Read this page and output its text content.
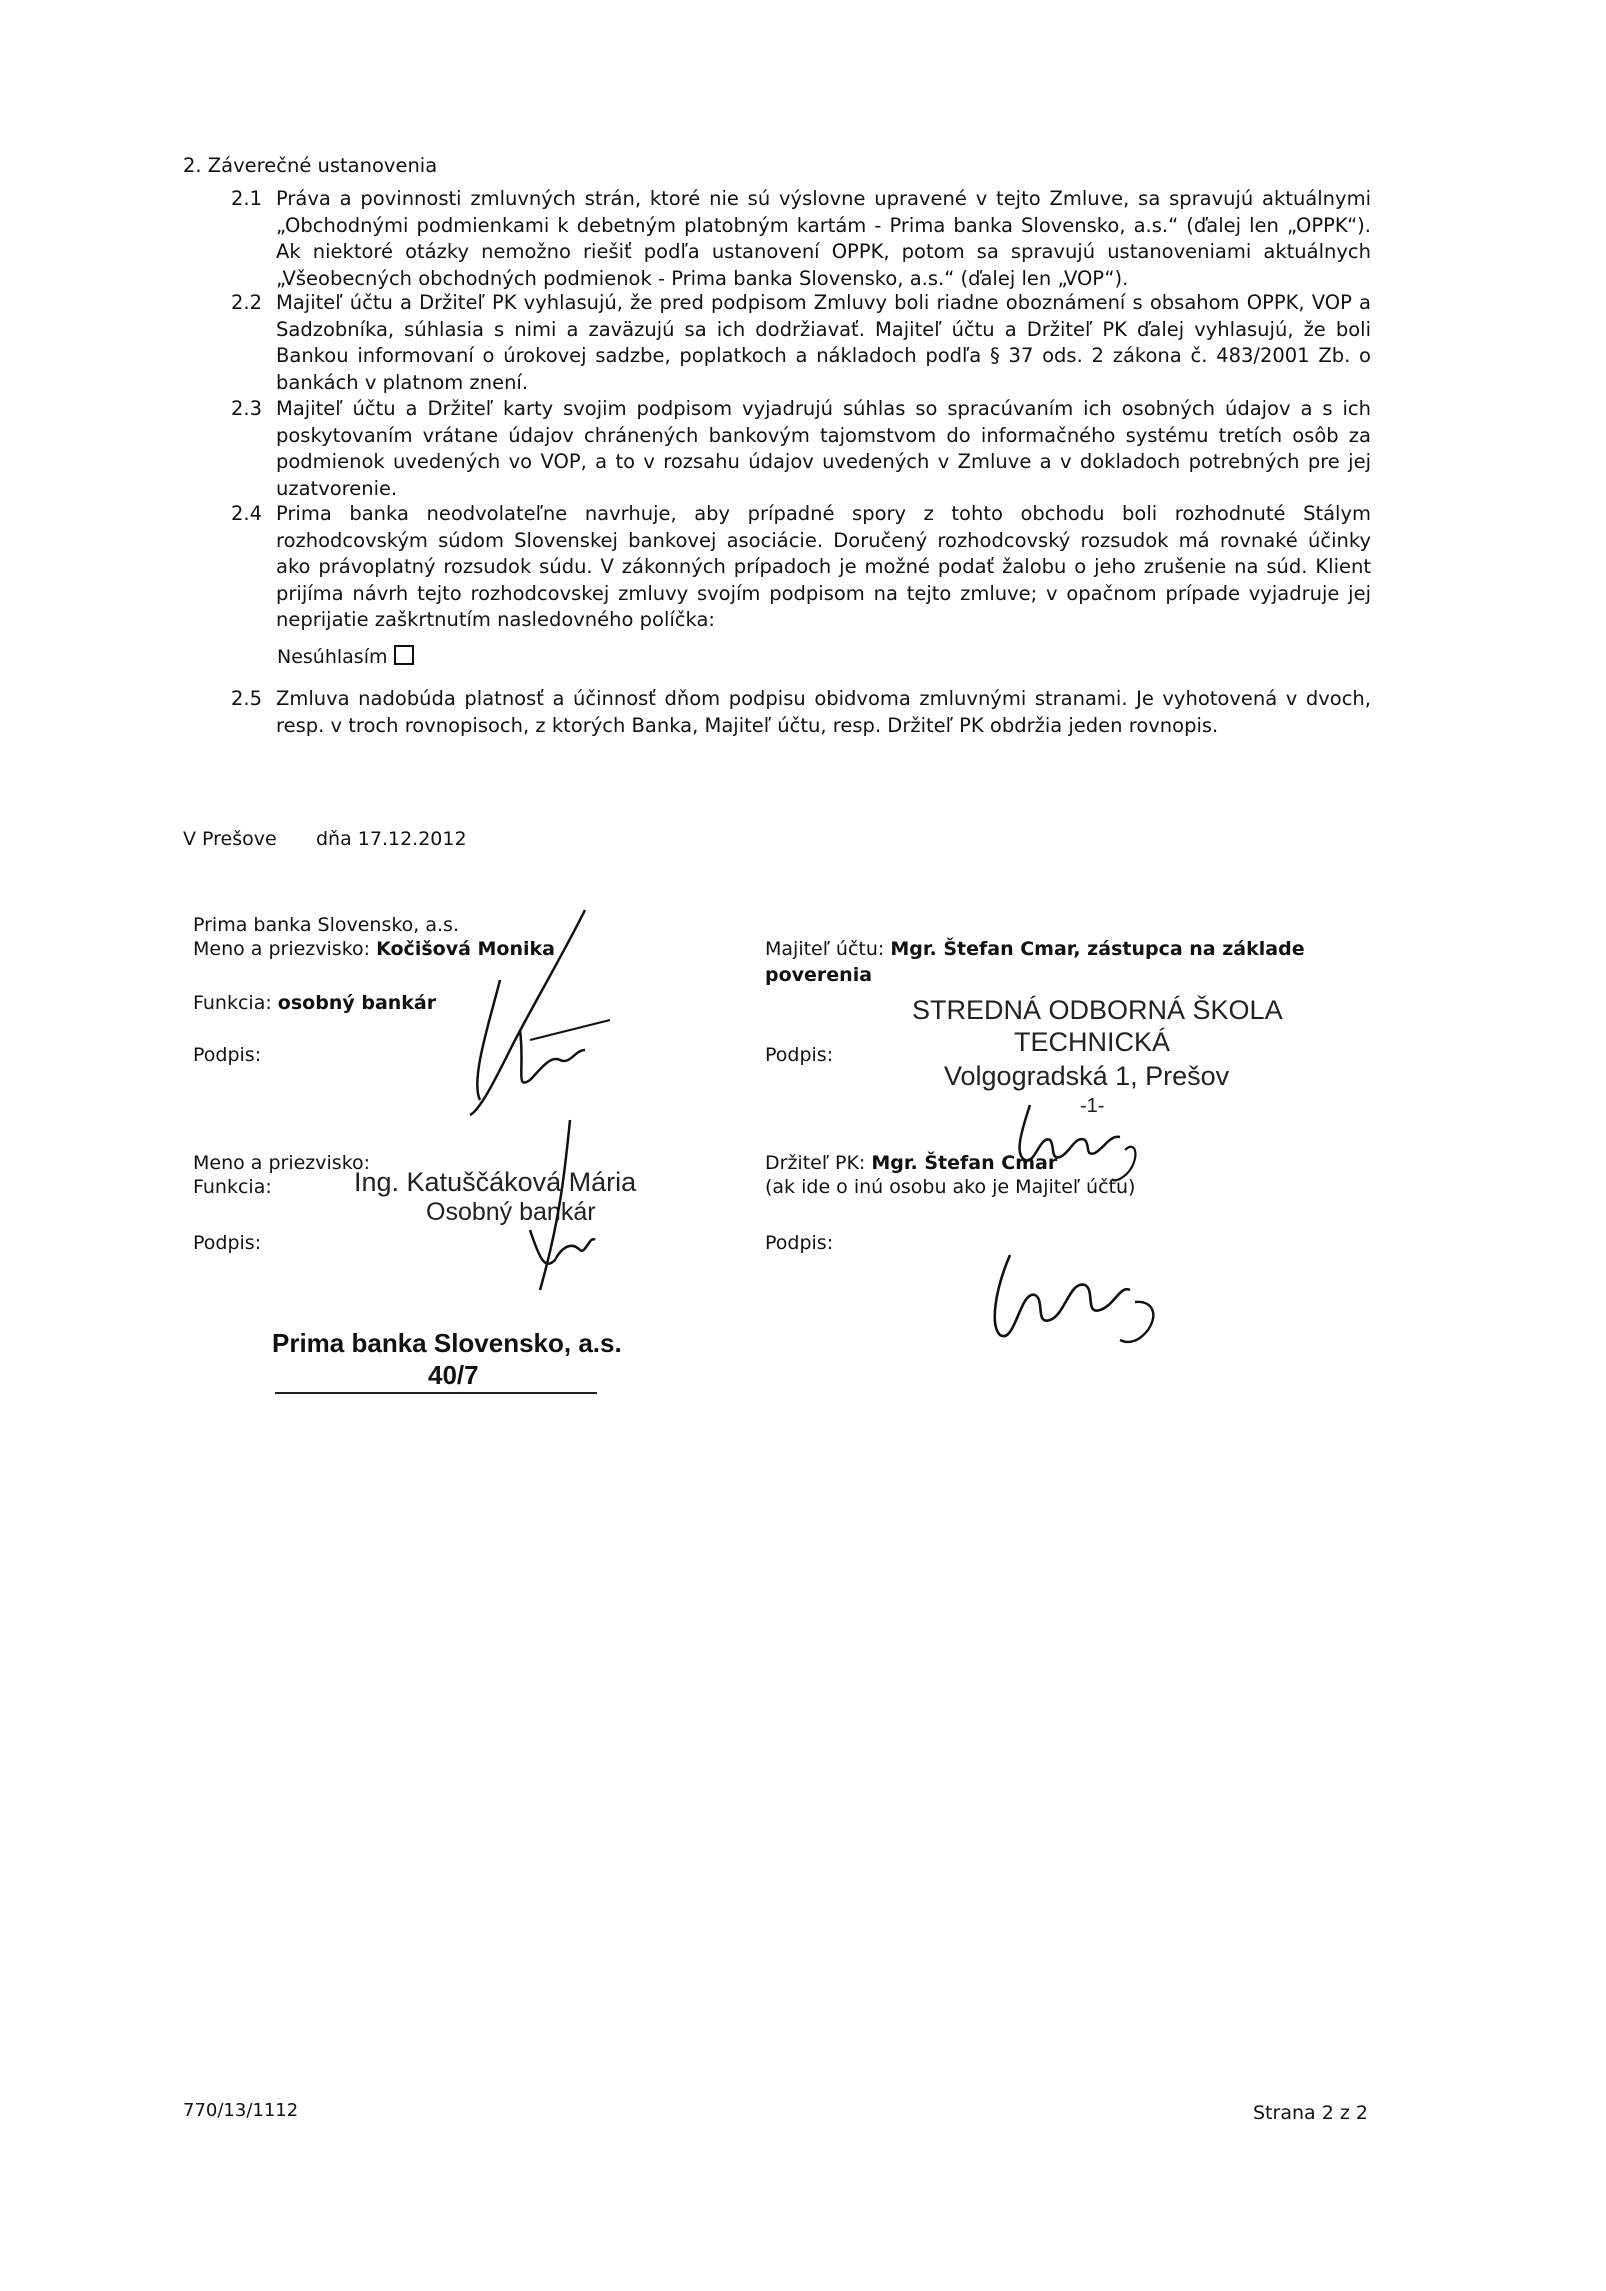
2. Záverečné ustanovenia
2.1 Práva a povinnosti zmluvných strán, ktoré nie sú výslovne upravené v tejto Zmluve, sa spravujú aktuálnymi „Obchodnými podmienkami k debetným platobným kartám - Prima banka Slovensko, a.s.“ (ďalej len „OPPK“). Ak niektoré otázky nemožno riešiť podľa ustanovení OPPK, potom sa spravujú ustanoveniami aktuálnych „Všeobecných obchodných podmienok - Prima banka Slovensko, a.s.“ (ďalej len „VOP“).
2.2 Majiteľ účtu a Držiteľ PK vyhlasujú, že pred podpisom Zmluvy boli riadne oboznámení s obsahom OPPK, VOP a Sadzobníka, súhlasia s nimi a zaväzujú sa ich dodržiavať. Majiteľ účtu a Držiteľ PK ďalej vyhlasujú, že boli Bankou informovaní o úrokovej sadzbe, poplatkoch a nákladoch podľa § 37 ods. 2 zákona č. 483/2001 Zb. o bankách v platnom znení.
2.3 Majiteľ účtu a Držiteľ karty svojim podpisom vyjadrujú súhlas so spracúvaním ich osobných údajov a s ich poskytovaním vrátane údajov chránených bankovým tajomstvom do informačného systému tretích osôb za podmienok uvedených vo VOP, a to v rozsahu údajov uvedených v Zmluve a v dokladoch potrebných pre jej uzatvorenie.
2.4 Prima banka neodvolateľne navrhuje, aby prípadné spory z tohto obchodu boli rozhodnuté Stálym rozhodcovským súdom Slovenskej bankovej asociácie. Doručený rozhodcovský rozsudok má rovnaké účinky ako právoplatný rozsudok súdu. V zákonných prípadoch je možné podať žalobu o jeho zrušenie na súd. Klient prijíma návrh tejto rozhodcovskej zmluvy svojím podpisom na tejto zmluve; v opačnom prípade vyjadruje jej neprijatie zaškrtnutím nasledovného políčka:
Nesúhlasím
2.5 Zmluva nadobúda platnosť a účinnosť dňom podpisu obidvoma zmluvnými stranami. Je vyhotovená v dvoch, resp. v troch rovnopisoch, z ktorých Banka, Majiteľ účtu, resp. Držiteľ PK obdržia jeden rovnopis.
V Prešove dňa 17.12.2012
Prima banka Slovensko, a.s.
Meno a priezvisko: Kočišová Monika
Funkcia: osobný bankár
Podpis:
Meno a priezvisko:
Funkcia:
Podpis:
Ing. Katuščáková Mária
Osobný bankár
Prima banka Slovensko, a.s.
40/7
Majiteľ účtu: Mgr. Štefan Cmar, zástupca na základe
poverenia
STREDNÁ ODBORNÁ ŠKOLA
TECHNICKÁ
Volgogradská 1, Prešov
-1-
Podpis:
Držiteľ PK: Mgr. Štefan Cmar
(ak ide o inú osobu ako je Majiteľ účtu)
Podpis:
770/13/1112	Strana 2 z 2
